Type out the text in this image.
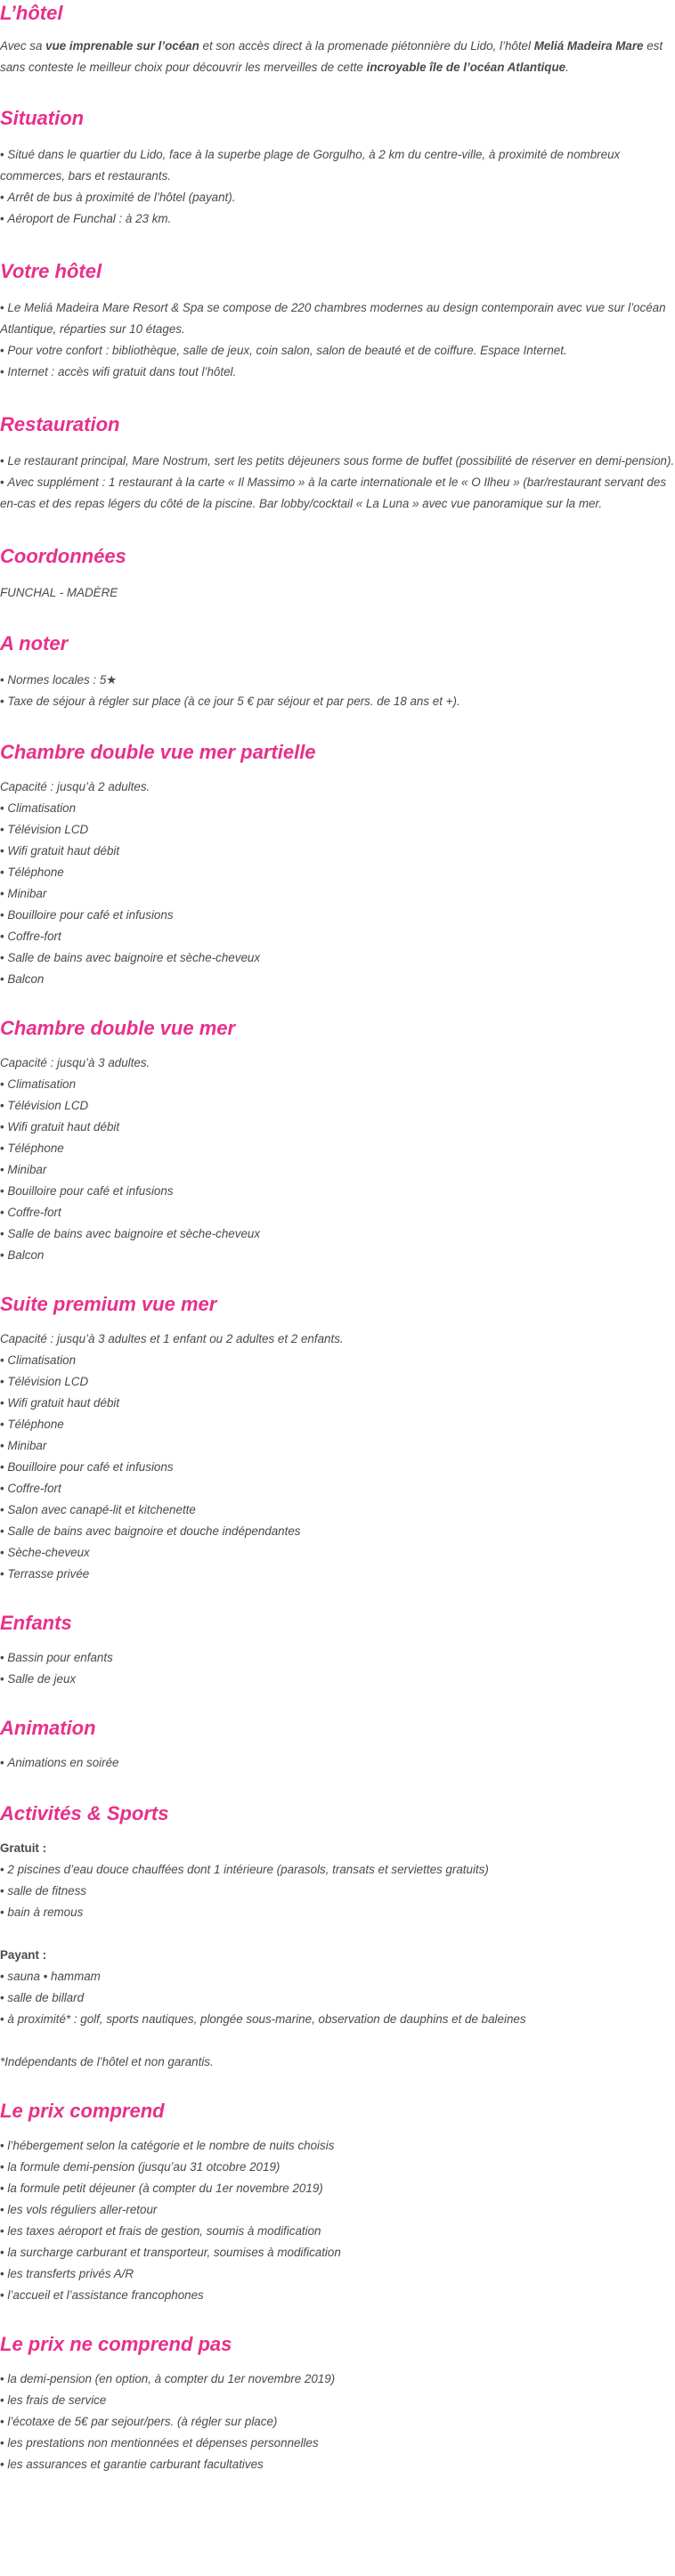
L’hôtel

Avec sa vue imprenable sur l’océan et son accès direct à la promenade piétonnière du Lido, l’hôtel Meliá Madeira Mare est sans conteste le meilleur choix pour découvrir les merveilles de cette incroyable île de l’océan Atlantique.

Situation
• Situé dans le quartier du Lido, face à la superbe plage de Gorgulho, à 2 km du centre-ville, à proximité de nombreux commerces, bars et restaurants.
• Arrêt de bus à proximité de l’hôtel (payant).
• Aéroport de Funchal : à 23 km.
Votre hôtel
• Le Meliá Madeira Mare Resort & Spa se compose de 220 chambres modernes au design contemporain avec vue sur l’océan Atlantique, réparties sur 10 étages.
• Pour votre confort : bibliothèque, salle de jeux, coin salon, salon de beauté et de coiffure. Espace Internet.
• Internet : accès wifi gratuit dans tout l’hôtel.
Restauration
• Le restaurant principal, Mare Nostrum, sert les petits déjeuners sous forme de buffet (possibilité de réserver en demi-pension).
• Avec supplément : 1 restaurant à la carte « Il Massimo » à la carte internationale et le « O Ilheu » (bar/restaurant servant des en-cas et des repas légers du côté de la piscine. Bar lobby/cocktail « La Luna » avec vue panoramique sur la mer.
Coordonnées

FUNCHAL - MADÈRE

A noter
• Normes locales : 5★
• Taxe de séjour à régler sur place (à ce jour 5 € par séjour et par pers. de 18 ans et +).
Chambre double vue mer partielle

Capacité : jusqu’à 2 adultes.

• Climatisation
• Télévision LCD
• Wifi gratuit haut débit
• Téléphone
• Minibar
• Bouilloire pour café et infusions
• Coffre-fort
• Salle de bains avec baignoire et sèche-cheveux
• Balcon
Chambre double vue mer

Capacité : jusqu’à 3 adultes.

• Climatisation
• Télévision LCD
• Wifi gratuit haut débit
• Téléphone
• Minibar
• Bouilloire pour café et infusions
• Coffre-fort
• Salle de bains avec baignoire et sèche-cheveux
• Balcon
Suite premium vue mer

Capacité : jusqu’à 3 adultes et 1 enfant ou 2 adultes et 2 enfants.

• Climatisation
• Télévision LCD
• Wifi gratuit haut débit
• Téléphone
• Minibar
• Bouilloire pour café et infusions
• Coffre-fort
• Salon avec canapé-lit et kitchenette
• Salle de bains avec baignoire et douche indépendantes
• Sèche-cheveux
• Terrasse privée
Enfants
• Bassin pour enfants
• Salle de jeux
Animation
• Animations en soirée
Activités & Sports

Gratuit :

• 2 piscines d’eau douce chauffées dont 1 intérieure (parasols, transats et serviettes gratuits)
• salle de fitness
• bain à remous

Payant :

• sauna • hammam
• salle de billard
• à proximité* : golf, sports nautiques, plongée sous-marine, observation de dauphins et de baleines

*Indépendants de l’hôtel et non garantis.

Le prix comprend
• l’hébergement selon la catégorie et le nombre de nuits choisis
• la formule demi-pension (jusqu’au 31 otcobre 2019)
• la formule petit déjeuner (à compter du 1er novembre 2019)
• les vols réguliers aller-retour
• les taxes aéroport et frais de gestion, soumis à modification
• la surcharge carburant et transporteur, soumises à modification
• les transferts privés A/R
• l’accueil et l’assistance francophones
Le prix ne comprend pas
• la demi-pension (en option, à compter du 1er novembre 2019)
• les frais de service
• l’écotaxe de 5€ par sejour/pers. (à régler sur place)
• les prestations non mentionnées et dépenses personnelles
• les assurances et garantie carburant facultatives
